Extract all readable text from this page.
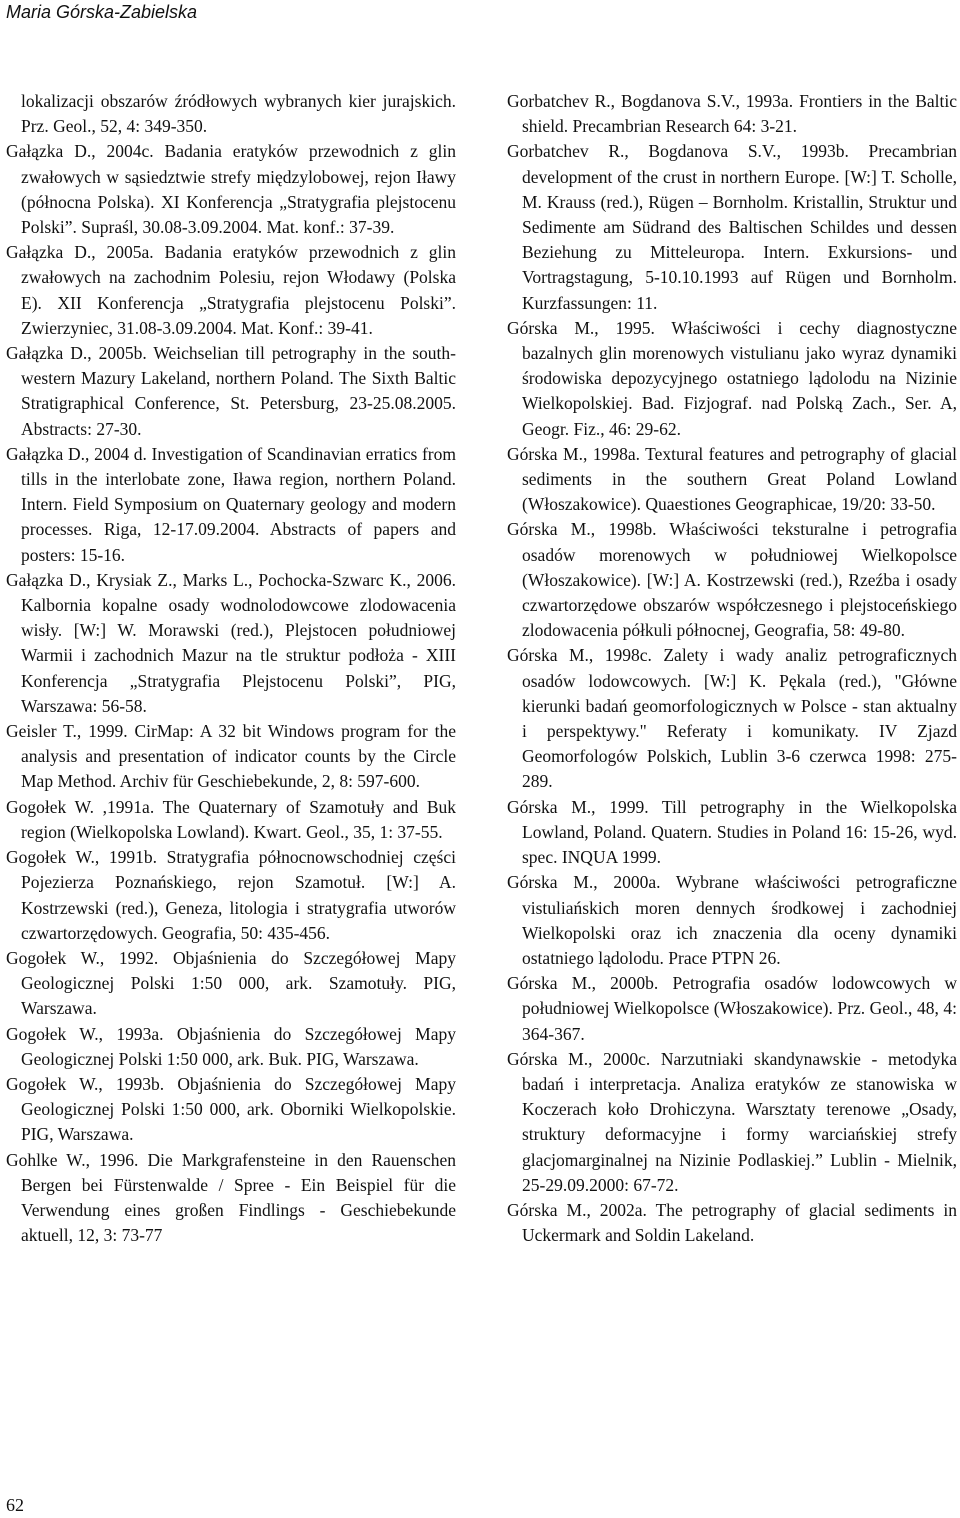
Maria Górska-Zabielska

lokalizacji obszarów źródłowych wybranych kier jurajskich. Prz. Geol., 52, 4: 349-350.

Gałązka D., 2004c. Badania eratyków przewodnich z glin zwałowych w sąsiedztwie strefy międzylobowej, rejon Iławy (północna Polska). XI Konferencja „Stratygrafia plejstocenu Polski”. Supraśl, 30.08-3.09.2004. Mat. konf.: 37-39.

Gałązka D., 2005a. Badania eratyków przewodnich z glin zwałowych na zachodnim Polesiu, rejon Włodawy (Polska E). XII Konferencja „Stratygrafia plejstocenu Polski”. Zwierzyniec, 31.08-3.09.2004. Mat. Konf.: 39-41.

Gałązka D., 2005b. Weichselian till petrography in the south-western Mazury Lakeland, northern Poland. The Sixth Baltic Stratigraphical Conference, St. Petersburg, 23-25.08.2005. Abstracts: 27-30.

Gałązka D., 2004 d. Investigation of Scandinavian erratics from tills in the interlobate zone, Iława region, northern Poland. Intern. Field Symposium on Quaternary geology and modern processes. Riga, 12-17.09.2004. Abstracts of papers and posters: 15-16.

Gałązka D., Krysiak Z., Marks L., Pochocka-Szwarc K., 2006. Kalbornia kopalne osady wodnolodowcowe zlodowacenia wisły. [W:] W. Morawski (red.), Plejstocen południowej Warmii i zachodnich Mazur na tle struktur podłoża - XIII Konferencja „Stratygrafia Plejstocenu Polski”, PIG, Warszawa: 56-58.

Geisler T., 1999. CirMap: A 32 bit Windows program for the analysis and presentation of indicator counts by the Circle Map Method. Archiv für Geschiebekunde, 2, 8: 597-600.

Gogołek W. ,1991a. The Quaternary of Szamotuły and Buk region (Wielkopolska Lowland). Kwart. Geol., 35, 1: 37-55.

Gogołek W., 1991b. Stratygrafia północnowschodniej części Pojezierza Poznańskiego, rejon Szamotuł. [W:] A. Kostrzewski (red.), Geneza, litologia i stratygrafia utworów czwartorzędowych. Geografia, 50: 435-456.

Gogołek W., 1992. Objaśnienia do Szczegółowej Mapy Geologicznej Polski 1:50 000, ark. Szamotuły. PIG, Warszawa.

Gogołek W., 1993a. Objaśnienia do Szczegółowej Mapy Geologicznej Polski 1:50 000, ark. Buk. PIG, Warszawa.

Gogołek W., 1993b. Objaśnienia do Szczegółowej Mapy Geologicznej Polski 1:50 000, ark. Oborniki Wielkopolskie. PIG, Warszawa.

Gohlke W., 1996. Die Markgrafensteine in den Rauenschen Bergen bei Fürstenwalde / Spree - Ein Beispiel für die Verwendung eines großen Findlings - Geschiebekunde aktuell, 12, 3: 73-77

Gorbatchev R., Bogdanova S.V., 1993a. Frontiers in the Baltic shield. Precambrian Research 64: 3-21.

Gorbatchev R., Bogdanova S.V., 1993b. Precambrian development of the crust in northern Europe. [W:] T. Scholle, M. Krauss (red.), Rügen – Bornholm. Kristallin, Struktur und Sedimente am Südrand des Baltischen Schildes und dessen Beziehung zu Mitteleuropa. Intern. Exkursions- und Vortragstagung, 5-10.10.1993 auf Rügen und Bornholm. Kurzfassungen: 11.

Górska M., 1995. Właściwości i cechy diagnostyczne bazalnych glin morenowych vistulianu jako wyraz dynamiki środowiska depozycyjnego ostatniego lądolodu na Nizinie Wielkopolskiej. Bad. Fizjograf. nad Polską Zach., Ser. A, Geogr. Fiz., 46: 29-62.

Górska M., 1998a. Textural features and petrography of glacial sediments in the southern Great Poland Lowland (Włoszakowice). Quaestiones Geographicae, 19/20: 33-50.

Górska M., 1998b. Właściwości teksturalne i petrografia osadów morenowych w południowej Wielkopolsce (Włoszakowice). [W:] A. Kostrzewski (red.), Rzeźba i osady czwartorzędowe obszarów współczesnego i plejstoceńskiego zlodowacenia półkuli północnej, Geografia, 58: 49-80.

Górska M., 1998c. Zalety i wady analiz petrograficznych osadów lodowcowych. [W:] K. Pękala (red.), "Główne kierunki badań geomorfologicznych w Polsce - stan aktualny i perspektywy." Referaty i komunikaty. IV Zjazd Geomorfologów Polskich, Lublin 3-6 czerwca 1998: 275-289.

Górska M., 1999. Till petrography in the Wielkopolska Lowland, Poland. Quatern. Studies in Poland 16: 15-26, wyd. spec. INQUA 1999.

Górska M., 2000a. Wybrane właściwości petrograficzne vistuliańskich moren dennych środkowej i zachodniej Wielkopolski oraz ich znaczenia dla oceny dynamiki ostatniego lądolodu. Prace PTPN 26.

Górska M., 2000b. Petrografia osadów lodowcowych w południowej Wielkopolsce (Włoszakowice). Prz. Geol., 48, 4: 364-367.

Górska M., 2000c. Narzutniaki skandynawskie - metodyka badań i interpretacja. Analiza eratyków ze stanowiska w Koczerach koło Drohiczyna. Warsztaty terenowe „Osady, struktury deformacyjne i formy warciańskiej strefy glacjomarginalnej na Nizinie Podlaskiej.” Lublin - Mielnik, 25-29.09.2000: 67-72.

Górska M., 2002a. The petrography of glacial sediments in Uckermark and Soldin Lakeland.

62
